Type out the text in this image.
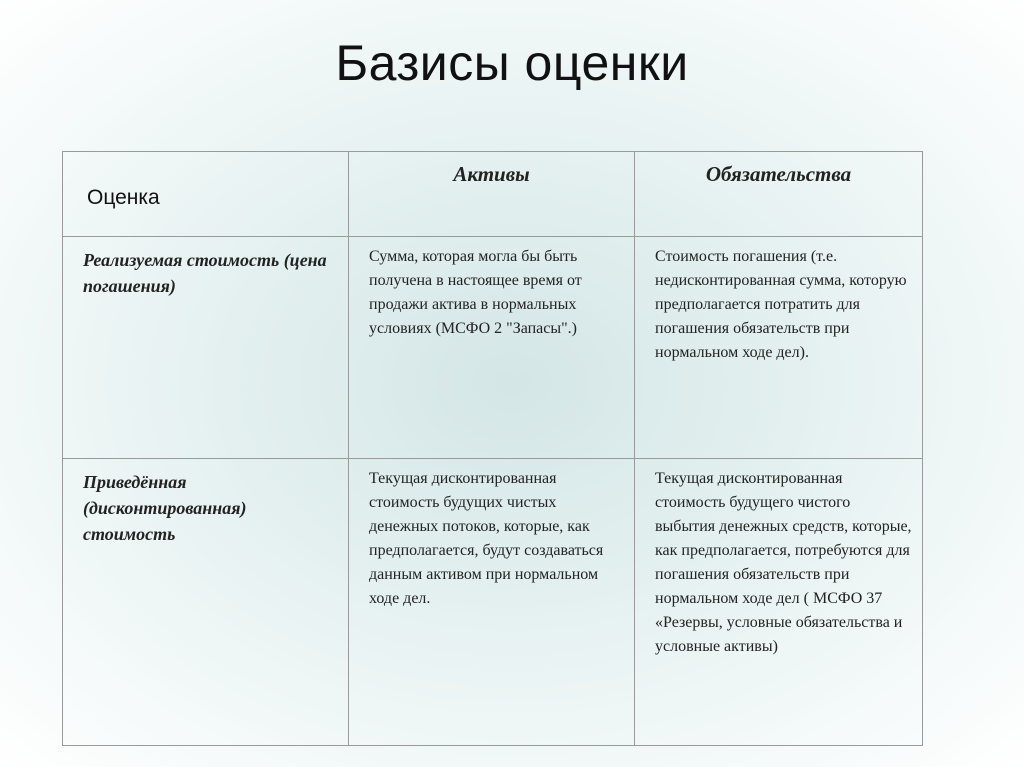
Базисы оценки
Оценка	Активы	Обязательства
Реализуемая стоимость (цена погашения)	Сумма, которая могла бы быть получена в настоящее время от продажи актива в нормальных условиях (МСФО 2 "Запасы".)	Стоимость погашения (т.е. недисконтированная сумма, которую предполагается потратить для погашения обязательств при нормальном ходе дел).
Приведённая (дисконтированная) стоимость	Текущая дисконтированная стоимость будущих чистых денежных потоков, которые, как предполагается, будут создаваться данным активом при нормальном ходе дел.	Текущая дисконтированная стоимость будущего чистого выбытия денежных средств, которые, как предполагается, потребуются для погашения обязательств при нормальном ходе дел ( МСФО 37 «Резервы, условные обязательства и условные активы)
